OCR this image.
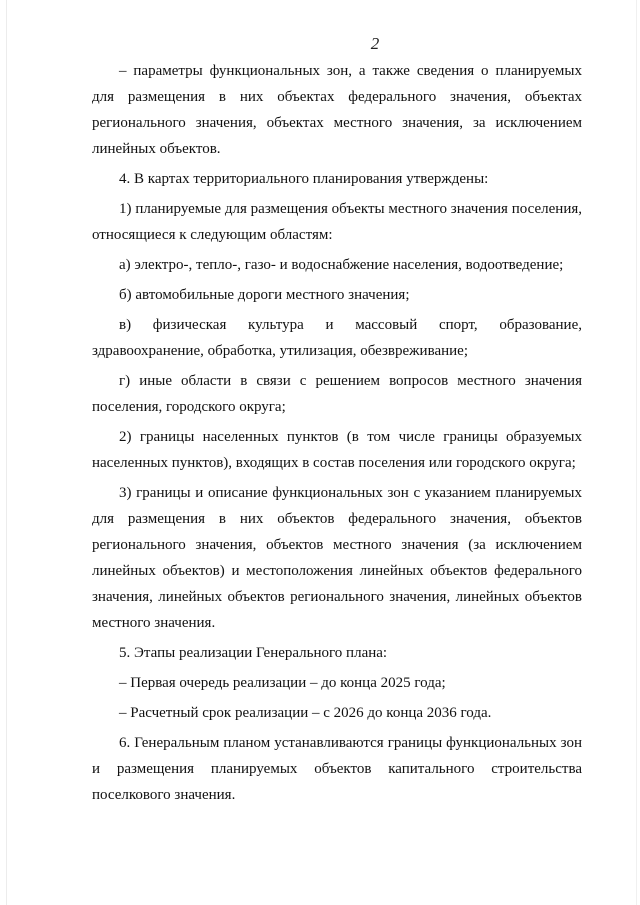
2

– параметры функциональных зон, а также сведения о планируемых для размещения в них объектах федерального значения, объектах регионального значения, объектах местного значения, за исключением линейных объектов.

4. В картах территориального планирования утверждены:

1) планируемые для размещения объекты местного значения поселения, относящиеся к следующим областям:

а) электро-, тепло-, газо- и водоснабжение населения, водоотведение;

б) автомобильные дороги местного значения;

в) физическая культура и массовый спорт, образование, здравоохранение, обработка, утилизация, обезвреживание;

г) иные области в связи с решением вопросов местного значения поселения, городского округа;

2) границы населенных пунктов (в том числе границы образуемых населенных пунктов), входящих в состав поселения или городского округа;

3) границы и описание функциональных зон с указанием планируемых для размещения в них объектов федерального значения, объектов регионального значения, объектов местного значения (за исключением линейных объектов) и местоположения линейных объектов федерального значения, линейных объектов регионального значения, линейных объектов местного значения.

5. Этапы реализации Генерального плана:

– Первая очередь реализации – до конца 2025 года;

– Расчетный срок реализации – с 2026 до конца 2036 года.

6. Генеральным планом устанавливаются границы функциональных зон и размещения планируемых объектов капитального строительства поселкового значения.
